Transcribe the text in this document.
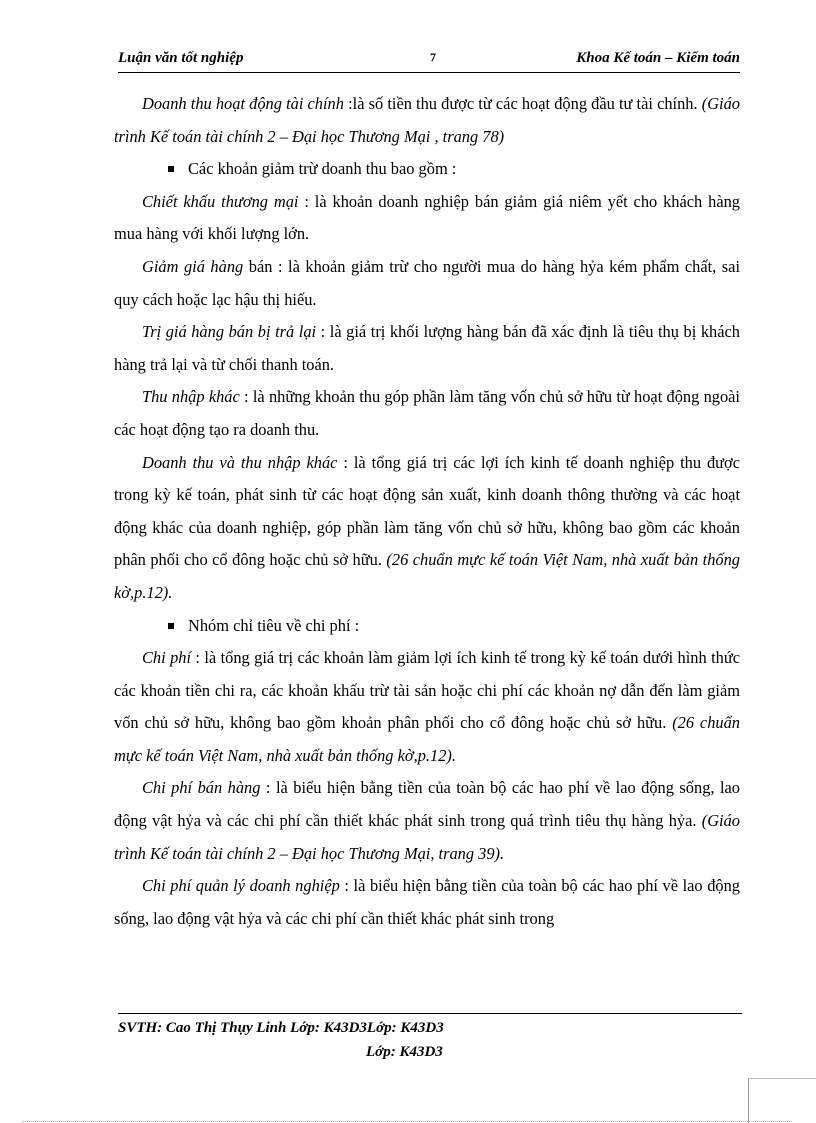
Luận văn tốt nghiệp	7	Khoa Kế toán – Kiểm toán

Doanh thu hoạt động tài chính :là số tiền thu được từ các hoạt động đầu tư tài chính. (Giáo trình Kế toán tài chính 2 – Đại học Thương Mại , trang 78)

Các khoản giảm trừ doanh thu bao gồm :

Chiết khấu thương mại : là khoản doanh nghiệp bán giảm giá niêm yết cho khách hàng mua hàng với khối lượng lớn.

Giảm giá hàng bán : là khoản giảm trừ cho người mua do hàng hỷa kém phẩm chất, sai quy cách hoặc lạc hậu thị hiếu.

Trị giá hàng bán bị trả lại : là giá trị khối lượng hàng bán đã xác định là tiêu thụ bị khách hàng trả lại và từ chối thanh toán.

Thu nhập khác : là những khoản thu góp phần làm tăng vốn chủ sở hữu từ hoạt động ngoài các hoạt động tạo ra doanh thu.

Doanh thu và thu nhập khác : là tổng giá trị các lợi ích kinh tế doanh nghiệp thu được trong kỳ kế toán, phát sinh từ các hoạt động sản xuất, kinh doanh thông thường và các hoạt động khác của doanh nghiệp, góp phần làm tăng vốn chủ sở hữu, không bao gồm các khoản phân phối cho cổ đông hoặc chủ sở hữu. (26 chuẩn mực kế toán Việt Nam, nhà xuất bản thống kờ,p.12).

Nhóm chỉ tiêu về chi phí :

Chi phí : là tổng giá trị các khoản làm giảm lợi ích kinh tế trong kỳ kế toán dưới hình thức các khoản tiền chi ra, các khoản khấu trừ tài sản hoặc chi phí các khoản nợ dẫn đến làm giảm vốn chủ sở hữu, không bao gồm khoản phân phối cho cổ đông hoặc chủ sở hữu. (26 chuẩn mực kế toán Việt Nam, nhà xuất bản thống kờ,p.12).

Chi phí bán hàng : là biểu hiện bằng tiền của toàn bộ các hao phí về lao động sống, lao động vật hỷa và các chi phí cần thiết khác phát sinh trong quá trình tiêu thụ hàng hỷa. (Giáo trình Kế toán tài chính 2 – Đại học Thương Mại, trang 39).

Chi phí quản lý doanh nghiệp : là biểu hiện bằng tiền của toàn bộ các hao phí về lao động sống, lao động vật hỷa và các chi phí cần thiết khác phát sinh trong

SVTH: Cao Thị Thụy Linh Lớp: K43D3Lớp: K43D3
Lớp: K43D3
